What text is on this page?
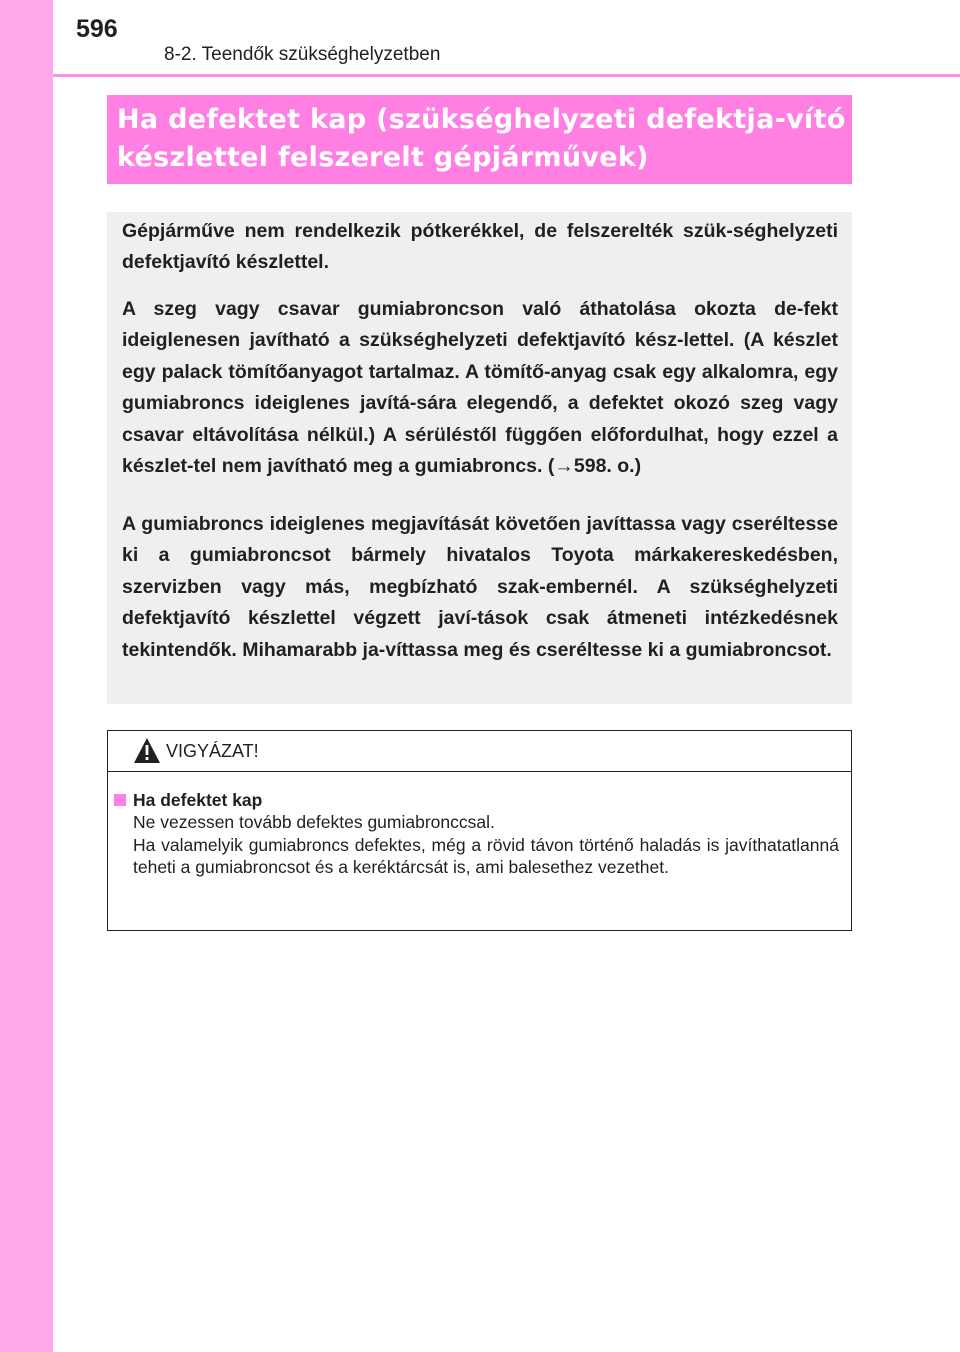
596
8-2. Teendők szükséghelyzetben
Ha defektet kap (szükséghelyzeti defektja-vító készlettel felszerelt gépjárművek)

Gépjárműve nem rendelkezik pótkerékkel, de felszerelték szük-séghelyzeti defektjavító készlettel.

A szeg vagy csavar gumiabroncson való áthatolása okozta de-fekt ideiglenesen javítható a szükséghelyzeti defektjavító kész-lettel. (A készlet egy palack tömítőanyagot tartalmaz. A tömítő-anyag csak egy alkalomra, egy gumiabroncs ideiglenes javítá-sára elegendő, a defektet okozó szeg vagy csavar eltávolítása nélkül.) A sérüléstől függően előfordulhat, hogy ezzel a készlet-tel nem javítható meg a gumiabroncs. (→598. o.)

A gumiabroncs ideiglenes megjavítását követően javíttassa vagy cseréltesse ki a gumiabroncsot bármely hivatalos Toyota márkakereskedésben, szervizben vagy más, megbízható szak-embernél. A szükséghelyzeti defektjavító készlettel végzett javí-tások csak átmeneti intézkedésnek tekintendők. Mihamarabb ja-víttassa meg és cseréltesse ki a gumiabroncsot.

VIGYÁZAT!
Ha defektet kap

Ne vezessen tovább defektes gumiabronccsal.

Ha valamelyik gumiabroncs defektes, még a rövid távon történő haladás is javíthatatlanná teheti a gumiabroncsot és a keréktárcsát is, ami balesethez vezethet.
